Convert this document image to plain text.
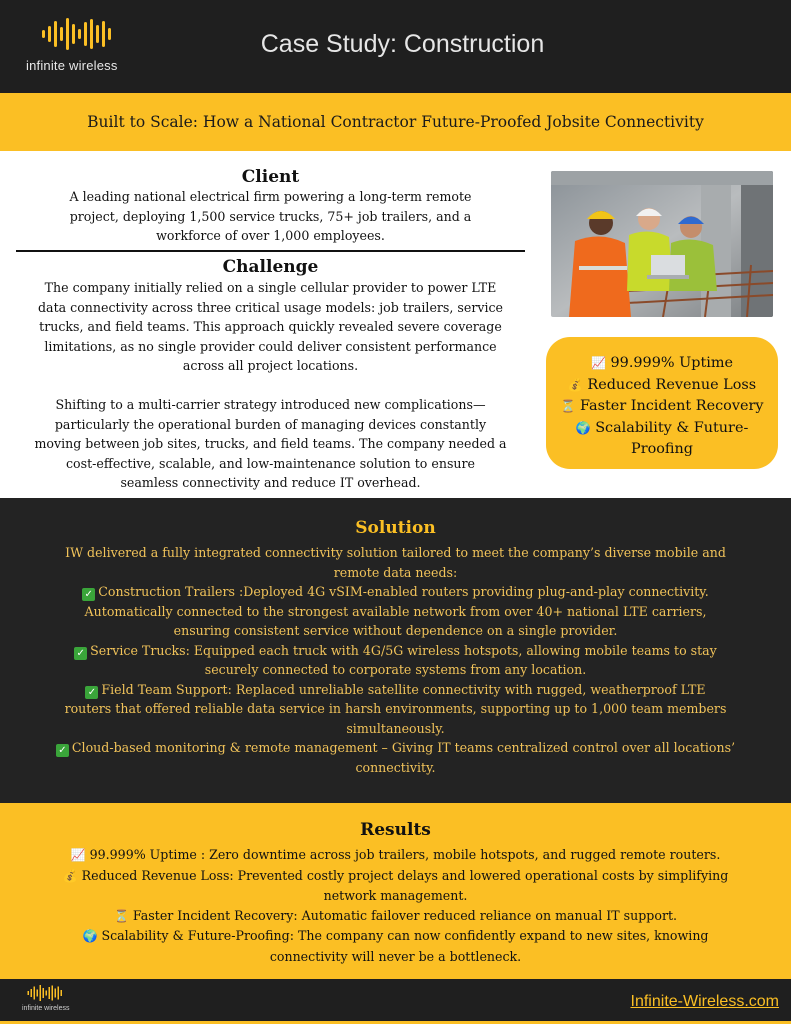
infinite wireless
Case Study: Construction
Built to Scale: How a National Contractor Future-Proofed Jobsite Connectivity
Client
A leading national electrical firm powering a long-term remote
project, deploying 1,500 service trucks, 75+ job trailers, and a
workforce of over 1,000 employees.
Challenge
The company initially relied on a single cellular provider to power LTE
data connectivity across three critical usage models: job trailers, service
trucks, and field teams. This approach quickly revealed severe coverage
limitations, as no single provider could deliver consistent performance
across all project locations.
Shifting to a multi-carrier strategy introduced new complications—
particularly the operational burden of managing devices constantly
moving between job sites, trucks, and field teams. The company needed a
cost-effective, scalable, and low-maintenance solution to ensure
seamless connectivity and reduce IT overhead.
📈 99.999% Uptime
💰 Reduced Revenue Loss
⏳ Faster Incident Recovery
🌍 Scalability & Future-
Proofing
Solution
IW delivered a fully integrated connectivity solution tailored to meet the company’s diverse mobile and
remote data needs:
✓ Construction Trailers :Deployed 4G vSIM-enabled routers providing plug-and-play connectivity.
Automatically connected to the strongest available network from over 40+ national LTE carriers,
ensuring consistent service without dependence on a single provider.
✓ Service Trucks: Equipped each truck with 4G/5G wireless hotspots, allowing mobile teams to stay
securely connected to corporate systems from any location.
✓ Field Team Support: Replaced unreliable satellite connectivity with rugged, weatherproof LTE
routers that offered reliable data service in harsh environments, supporting up to 1,000 team members
simultaneously.
✓ Cloud-based monitoring & remote management – Giving IT teams centralized control over all locations’
connectivity.
Results
📈 99.999% Uptime : Zero downtime across job trailers, mobile hotspots, and rugged remote routers.
💰 Reduced Revenue Loss: Prevented costly project delays and lowered operational costs by simplifying
network management.
⏳ Faster Incident Recovery: Automatic failover reduced reliance on manual IT support.
🌍 Scalability & Future-Proofing: The company can now confidently expand to new sites, knowing
connectivity will never be a bottleneck.
infinite wireless	Infinite-Wireless.com
